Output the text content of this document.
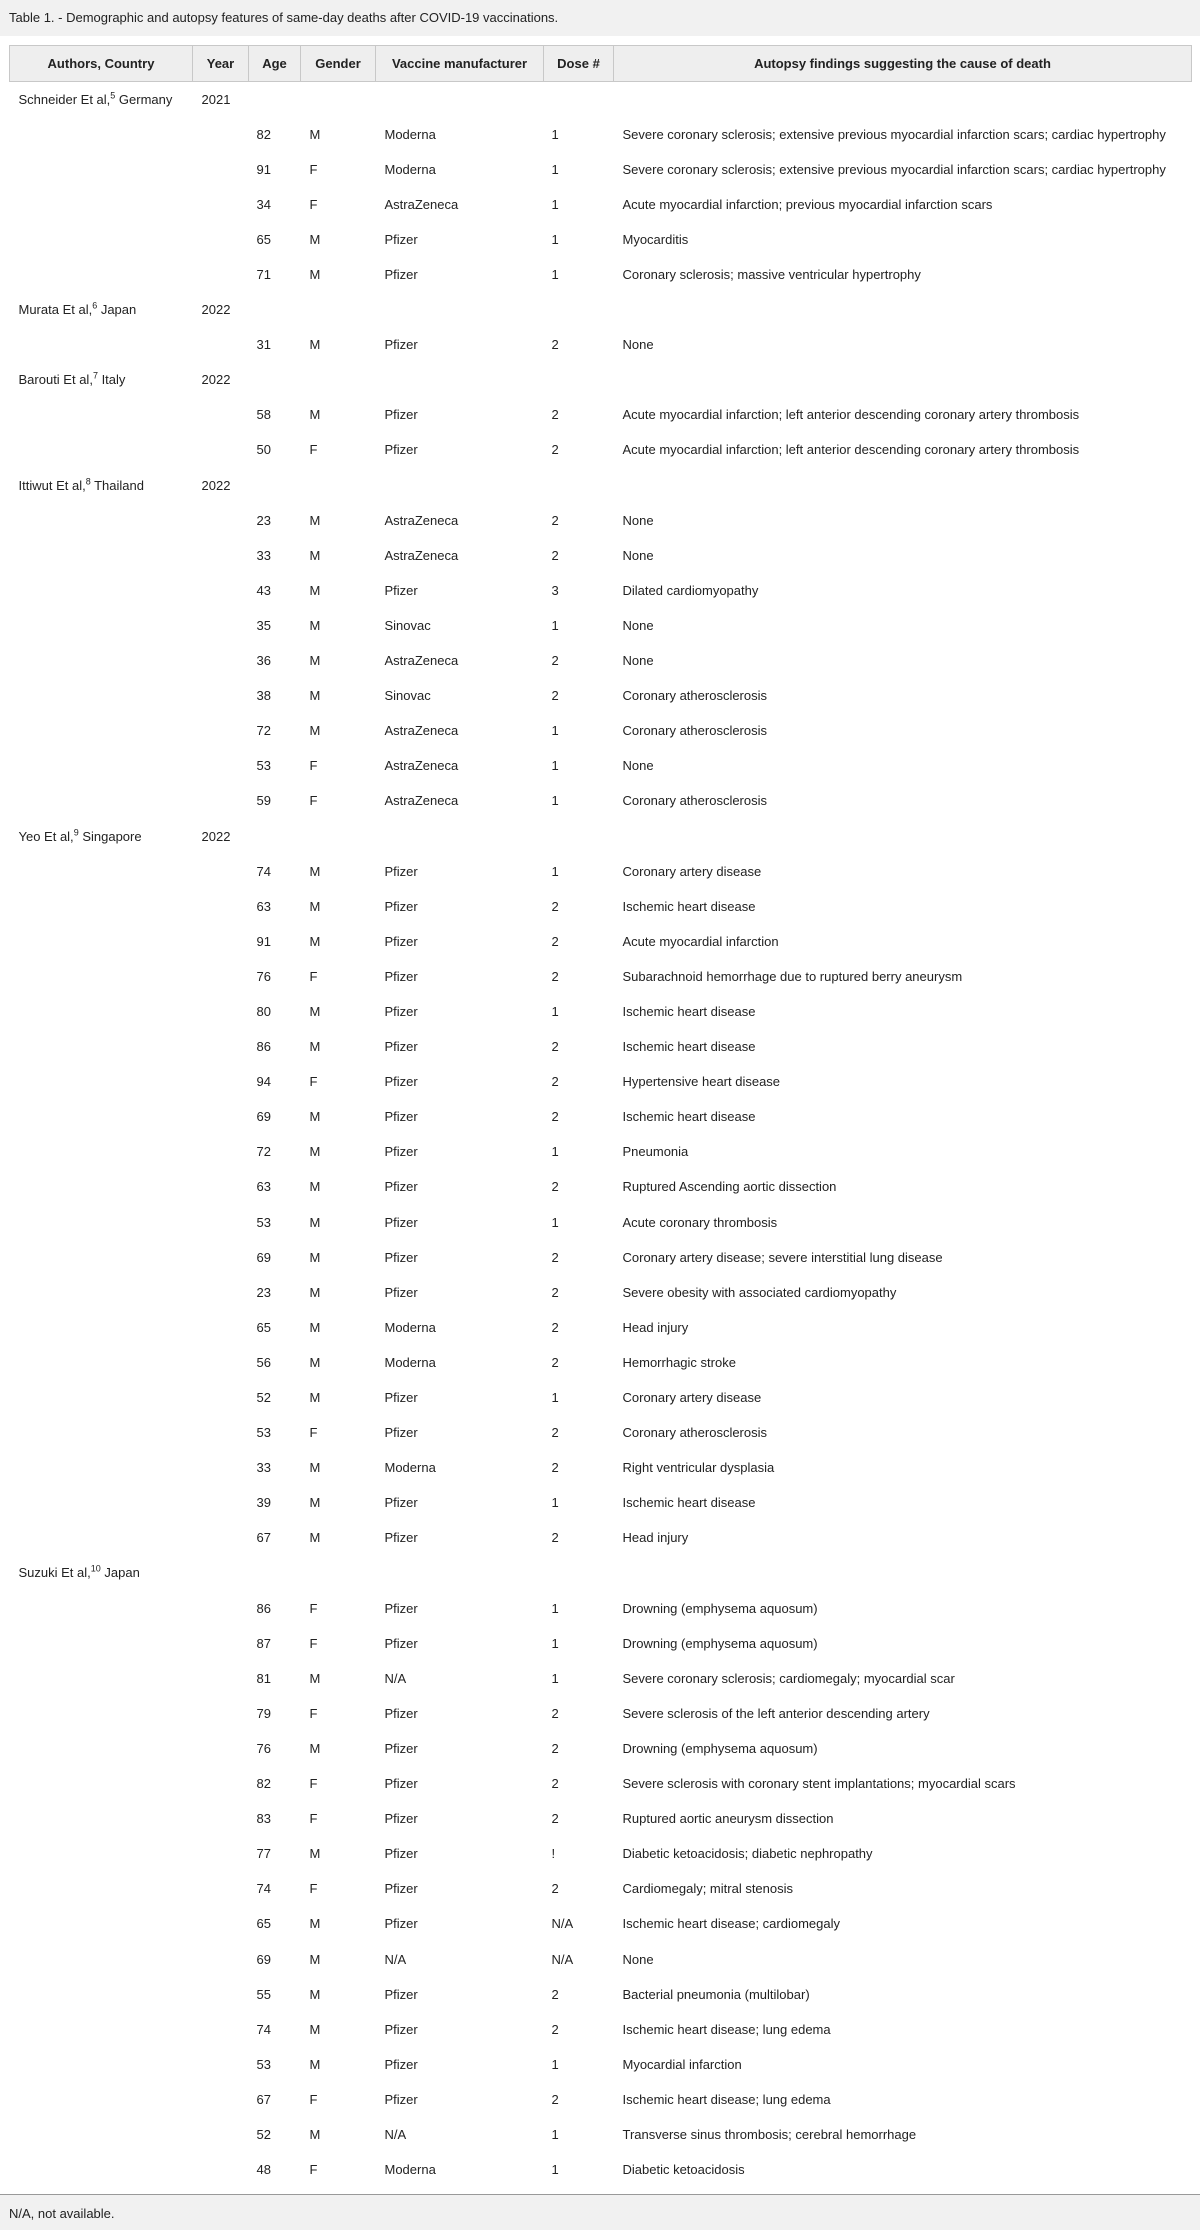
Table 1. - Demographic and autopsy features of same-day deaths after COVID-19 vaccinations.
Authors, Country	Year	Age	Gender	Vaccine manufacturer	Dose #	Autopsy findings suggesting the cause of death
Schneider Et al,$^5$ Germany	2021					
		82	M	Moderna	1	Severe coronary sclerosis; extensive previous myocardial infarction scars; cardiac hypertrophy
		91	F	Moderna	1	Severe coronary sclerosis; extensive previous myocardial infarction scars; cardiac hypertrophy
		34	F	AstraZeneca	1	Acute myocardial infarction; previous myocardial infarction scars
		65	M	Pfizer	1	Myocarditis
		71	M	Pfizer	1	Coronary sclerosis; massive ventricular hypertrophy
Murata Et al,$^6$ Japan	2022					
		31	M	Pfizer	2	None
Barouti Et al,$^7$ Italy	2022					
		58	M	Pfizer	2	Acute myocardial infarction; left anterior descending coronary artery thrombosis
		50	F	Pfizer	2	Acute myocardial infarction; left anterior descending coronary artery thrombosis
Ittiwut Et al,$^8$ Thailand	2022					
		23	M	AstraZeneca	2	None
		33	M	AstraZeneca	2	None
		43	M	Pfizer	3	Dilated cardiomyopathy
		35	M	Sinovac	1	None
		36	M	AstraZeneca	2	None
		38	M	Sinovac	2	Coronary atherosclerosis
		72	M	AstraZeneca	1	Coronary atherosclerosis
		53	F	AstraZeneca	1	None
		59	F	AstraZeneca	1	Coronary atherosclerosis
Yeo Et al,$^9$ Singapore	2022					
		74	M	Pfizer	1	Coronary artery disease
		63	M	Pfizer	2	Ischemic heart disease
		91	M	Pfizer	2	Acute myocardial infarction
		76	F	Pfizer	2	Subarachnoid hemorrhage due to ruptured berry aneurysm
		80	M	Pfizer	1	Ischemic heart disease
		86	M	Pfizer	2	Ischemic heart disease
		94	F	Pfizer	2	Hypertensive heart disease
		69	M	Pfizer	2	Ischemic heart disease
		72	M	Pfizer	1	Pneumonia
		63	M	Pfizer	2	Ruptured Ascending aortic dissection
		53	M	Pfizer	1	Acute coronary thrombosis
		69	M	Pfizer	2	Coronary artery disease; severe interstitial lung disease
		23	M	Pfizer	2	Severe obesity with associated cardiomyopathy
		65	M	Moderna	2	Head injury
		56	M	Moderna	2	Hemorrhagic stroke
		52	M	Pfizer	1	Coronary artery disease
		53	F	Pfizer	2	Coronary atherosclerosis
		33	M	Moderna	2	Right ventricular dysplasia
		39	M	Pfizer	1	Ischemic heart disease
		67	M	Pfizer	2	Head injury
Suzuki Et al,$^{10}$ Japan						
		86	F	Pfizer	1	Drowning (emphysema aquosum)
		87	F	Pfizer	1	Drowning (emphysema aquosum)
		81	M	N/A	1	Severe coronary sclerosis; cardiomegaly; myocardial scar
		79	F	Pfizer	2	Severe sclerosis of the left anterior descending artery
		76	M	Pfizer	2	Drowning (emphysema aquosum)
		82	F	Pfizer	2	Severe sclerosis with coronary stent implantations; myocardial scars
		83	F	Pfizer	2	Ruptured aortic aneurysm dissection
		77	M	Pfizer	!	Diabetic ketoacidosis; diabetic nephropathy
		74	F	Pfizer	2	Cardiomegaly; mitral stenosis
		65	M	Pfizer	N/A	Ischemic heart disease; cardiomegaly
		69	M	N/A	N/A	None
		55	M	Pfizer	2	Bacterial pneumonia (multilobar)
		74	M	Pfizer	2	Ischemic heart disease; lung edema
		53	M	Pfizer	1	Myocardial infarction
		67	F	Pfizer	2	Ischemic heart disease; lung edema
		52	M	N/A	1	Transverse sinus thrombosis; cerebral hemorrhage
		48	F	Moderna	1	Diabetic ketoacidosis
N/A, not available.
